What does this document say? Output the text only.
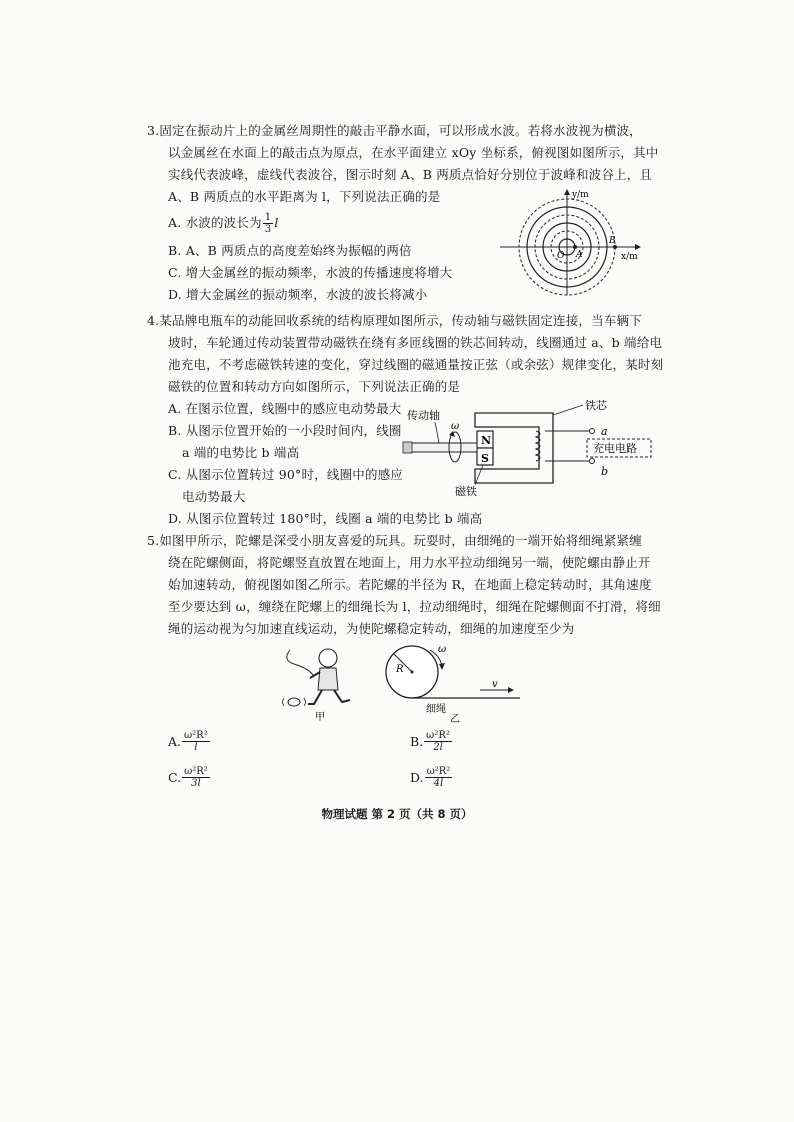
3.固定在振动片上的金属丝周期性的敲击平静水面，可以形成水波。若将水波视为横波，
以金属丝在水面上的敲击点为原点，在水平面建立 xOy 坐标系，俯视图如图所示，其中
实线代表波峰，虚线代表波谷，图示时刻 A、B 两质点恰好分别位于波峰和波谷上，且
A、B 两质点的水平距离为 l，下列说法正确的是
A. 水波的波长为 $\frac{1}{3}$ l
B. A、B 两质点的高度差始终为振幅的两倍
C. 增大金属丝的振动频率，水波的传播速度将增大
D. 增大金属丝的振动频率，水波的波长将减小
y/m
x/m
O A
B
4.某品牌电瓶车的动能回收系统的结构原理如图所示，传动轴与磁铁固定连接，当车辆下
坡时，车轮通过传动装置带动磁铁在绕有多匝线圈的铁芯间转动，线圈通过 a、b 端给电
池充电，不考虑磁铁转速的变化，穿过线圈的磁通量按正弦（或余弦）规律变化，某时刻
磁铁的位置和转动方向如图所示，下列说法正确的是
A. 在图示位置，线圈中的感应电动势最大
B. 从图示位置开始的一小段时间内，线圈
a 端的电势比 b 端高
C. 从图示位置转过 90°时，线圈中的感应
电动势最大
D. 从图示位置转过 180°时，线圈 a 端的电势比 b 端高
N
S
ω
传动轴
铁芯
磁铁
a
b
充电电路
5.如图甲所示，陀螺是深受小朋友喜爱的玩具。玩耍时，由细绳的一端开始将细绳紧紧缠
绕在陀螺侧面，将陀螺竖直放置在地面上，用力水平拉动细绳另一端，使陀螺由静止开
始加速转动，俯视图如图乙所示。若陀螺的半径为 R，在地面上稳定转动时，其角速度
至少要达到 ω，缠绕在陀螺上的细绳长为 l，拉动细绳时，细绳在陀螺侧面不打滑，将细
绳的运动视为匀加速直线运动，为使陀螺稳定转动，细绳的加速度至少为
甲
R
ω
v
细绳
乙
A. $\frac{\text{ω²R²}}{l}$	B. $\frac{\text{ω²R²}}{2l}$
C. $\frac{\text{ω²R²}}{3l}$	D. $\frac{\text{ω²R²}}{4l}$
物理试题 第 2 页（共 8 页）
